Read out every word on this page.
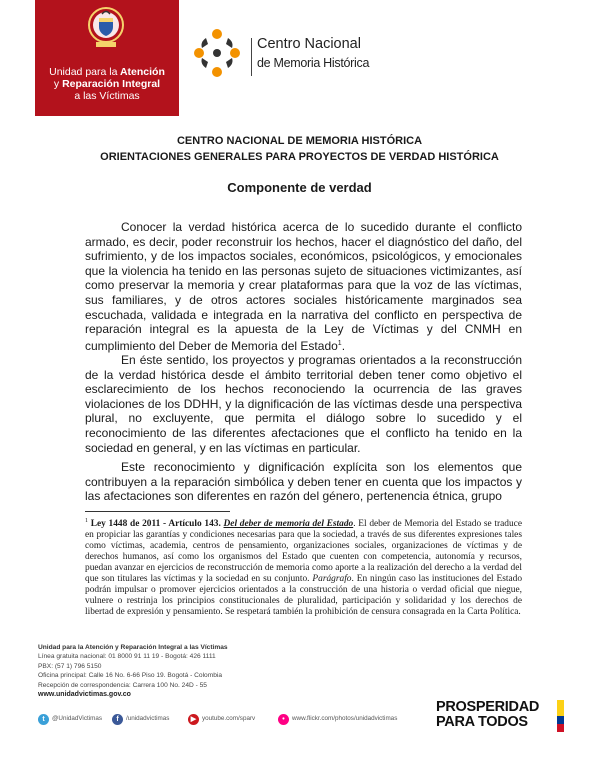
Unidad para la Atención
y Reparación Integral
a las Víctimas
Centro Nacional
de Memoria Histórica
CENTRO NACIONAL DE MEMORIA HISTÓRICA
ORIENTACIONES GENERALES PARA PROYECTOS DE VERDAD HISTÓRICA
Componente de verdad

Conocer la verdad histórica acerca de lo sucedido durante el conflicto armado, es decir, poder reconstruir los hechos, hacer el diagnóstico del daño, del sufrimiento, y de los impactos sociales, económicos, psicológicos, y emocionales que la violencia ha tenido en las personas sujeto de situaciones victimizantes, así como preservar la memoria y crear plataformas para que la voz de las víctimas, sus familiares, y de otros actores sociales históricamente marginados sea escuchada, validada e integrada en la narrativa del conflicto en perspectiva de reparación integral es la apuesta de la Ley de Víctimas y del CNMH en cumplimiento del Deber de Memoria del Estado$^1$.

En éste sentido, los proyectos y programas orientados a la reconstrucción de la verdad histórica desde el ámbito territorial deben tener como objetivo el esclarecimiento de los hechos reconociendo la ocurrencia de las graves violaciones de los DDHH, y la dignificación de las víctimas desde una perspectiva plural, no excluyente, que permita el diálogo sobre lo sucedido y el reconocimiento de las diferentes afectaciones que el conflicto ha tenido en la sociedad en general, y en las víctimas en particular.

Este reconocimiento y dignificación explícita son los elementos que contribuyen a la reparación simbólica y deben tener en cuenta que los impactos y las afectaciones son diferentes en razón del género, pertenencia étnica, grupo

$^1$ Ley 1448 de 2011 - Artículo 143. Del deber de memoria del Estado. El deber de Memoria del Estado se traduce en propiciar las garantías y condiciones necesarias para que la sociedad, a través de sus diferentes expresiones tales como víctimas, academia, centros de pensamiento, organizaciones sociales, organizaciones de víctimas y de derechos humanos, así como los organismos del Estado que cuenten con competencia, autonomía y recursos, puedan avanzar en ejercicios de reconstrucción de memoria como aporte a la realización del derecho a la verdad del que son titulares las víctimas y la sociedad en su conjunto. Parágrafo. En ningún caso las instituciones del Estado podrán impulsar o promover ejercicios orientados a la construcción de una historia o verdad oficial que niegue, vulnere o restrinja los principios constitucionales de pluralidad, participación y solidaridad y los derechos de libertad de expresión y pensamiento. Se respetará también la prohibición de censura consagrada en la Carta Política.
Unidad para la Atención y Reparación Integral a las Víctimas
Línea gratuita nacional: 01 8000 91 11 19 - Bogotá: 426 1111
PBX: (57 1) 796 5150
Oficina principal: Calle 16 No. 6-66 Piso 19. Bogotá - Colombia
Recepción de correspondencia: Carrera 100 No. 24D - 55
www.unidadvictimas.gov.co
t	@UnidadVictimas	f	/unidadvictimas	▶ youtube.com/sparv	•	www.flickr.com/photos/unidadvictimas
PROSPERIDAD
PARA TODOS
